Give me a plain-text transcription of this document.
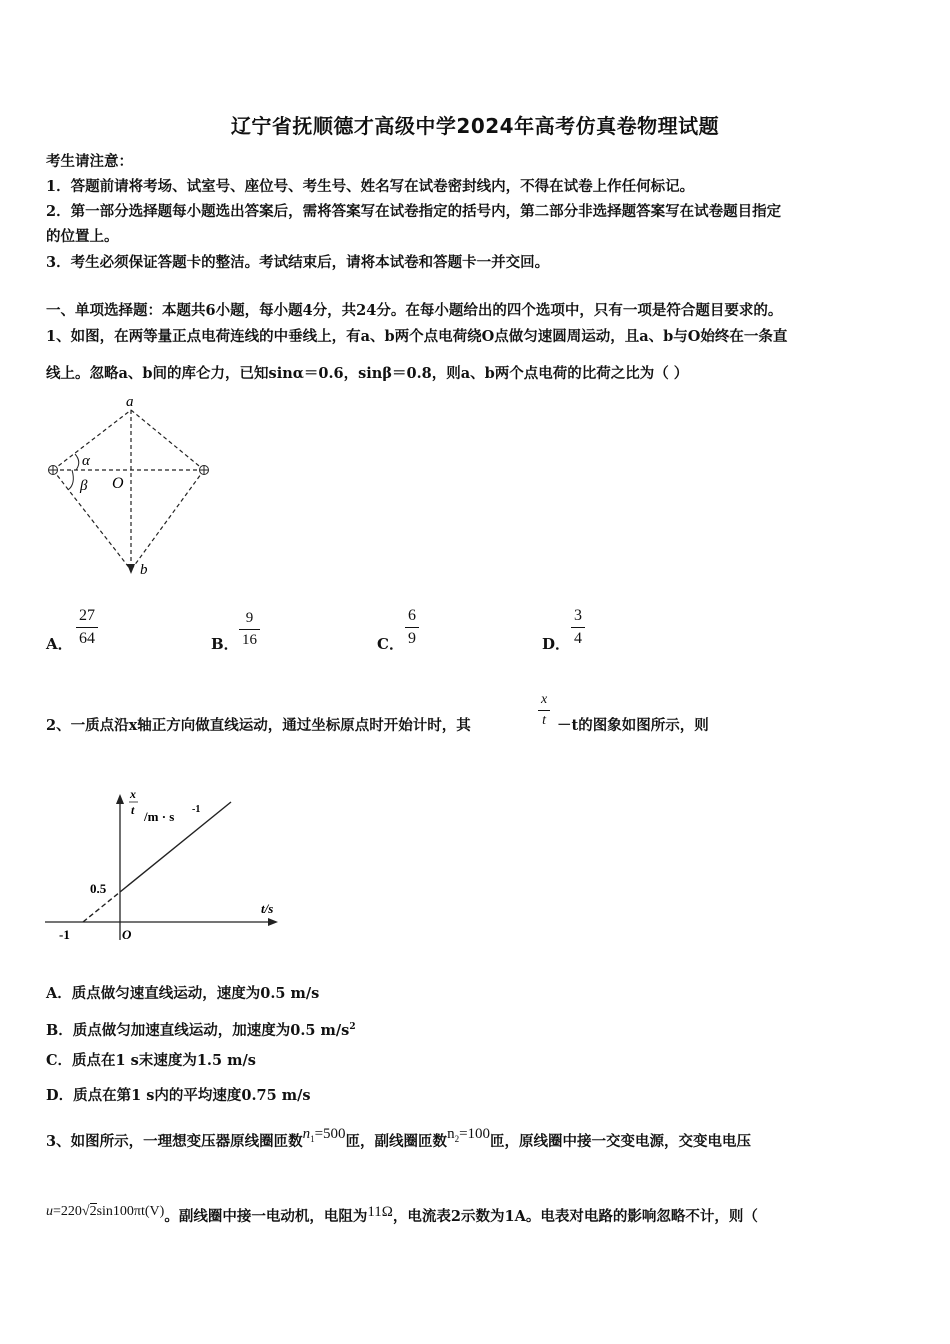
辽宁省抚顺德才高级中学2024年高考仿真卷物理试题
考生请注意：
1．答题前请将考场、试室号、座位号、考生号、姓名写在试卷密封线内，不得在试卷上作任何标记。
2．第一部分选择题每小题选出答案后，需将答案写在试卷指定的括号内，第二部分非选择题答案写在试卷题目指定
的位置上。
3．考生必须保证答题卡的整洁。考试结束后，请将本试卷和答题卡一并交回。
一、单项选择题：本题共6小题，每小题4分，共24分。在每小题给出的四个选项中，只有一项是符合题目要求的。
1、如图，在两等量正点电荷连线的中垂线上，有a、b两个点电荷绕O点做匀速圆周运动，且a、b与O始终在一条直
线上。忽略a、b间的库仑力，已知sinα＝0.6，sinβ＝0.8，则a、b两个点电荷的比荷之比为（ ）
a
b
O
α
β
A．
27
64	B．
9
16	C．
6
9	D．
3
4
2、一质点沿x轴正方向做直线运动，通过坐标原点时开始计时，其
x
t －t的图象如图所示，则
x
t /m · s -1
t/s
0.5
-1	O
A．质点做匀速直线运动，速度为0.5 m/s
B．质点做匀加速直线运动，加速度为0.5 $m/s^2$
C．质点在1 s末速度为1.5 m/s
D．质点在第1 s内的平均速度0.75 m/s
3、如图所示，一理想变压器原线圈匝数$n_1=500$匝，副线圈匝数$n_2=100$匝，原线圈中接一交变电源，交变电电压
u=220√2sin100πt(V)。副线圈中接一电动机，电阻为11Ω，电流表2示数为1A。电表对电路的影响忽略不计，则（
